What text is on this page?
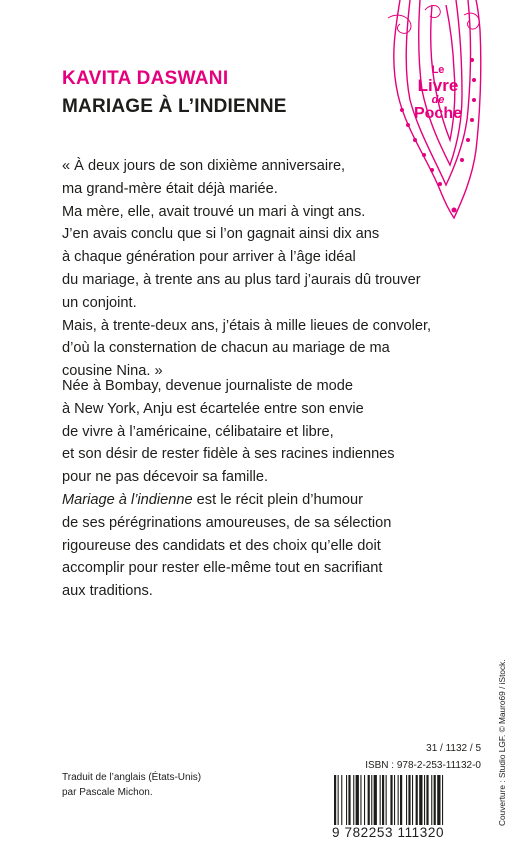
Le
Livre
de
Poche
KAVITA DASWANI
MARIAGE À L’INDIENNE
« À deux jours de son dixième anniversaire,
ma grand-mère était déjà mariée.
Ma mère, elle, avait trouvé un mari à vingt ans.
J’en avais conclu que si l’on gagnait ainsi dix ans
à chaque génération pour arriver à l’âge idéal
du mariage, à trente ans au plus tard j’aurais dû trouver
un conjoint.
Mais, à trente-deux ans, j’étais à mille lieues de convoler,
d’où la consternation de chacun au mariage de ma
cousine Nina. »
Née à Bombay, devenue journaliste de mode
à New York, Anju est écartelée entre son envie
de vivre à l’américaine, célibataire et libre,
et son désir de rester fidèle à ses racines indiennes
pour ne pas décevoir sa famille.
Mariage à l’indienne est le récit plein d’humour
de ses pérégrinations amoureuses, de sa sélection
rigoureuse des candidats et des choix qu’elle doit
accomplir pour rester elle-même tout en sacrifiant
aux traditions.
Couverture : Studio LGF. © Mauro69 / iStock.
31 / 1132 / 5
ISBN : 978-2-253-11132-0
Traduit de l’anglais (États-Unis)
par Pascale Michon.
9 782253 111320
